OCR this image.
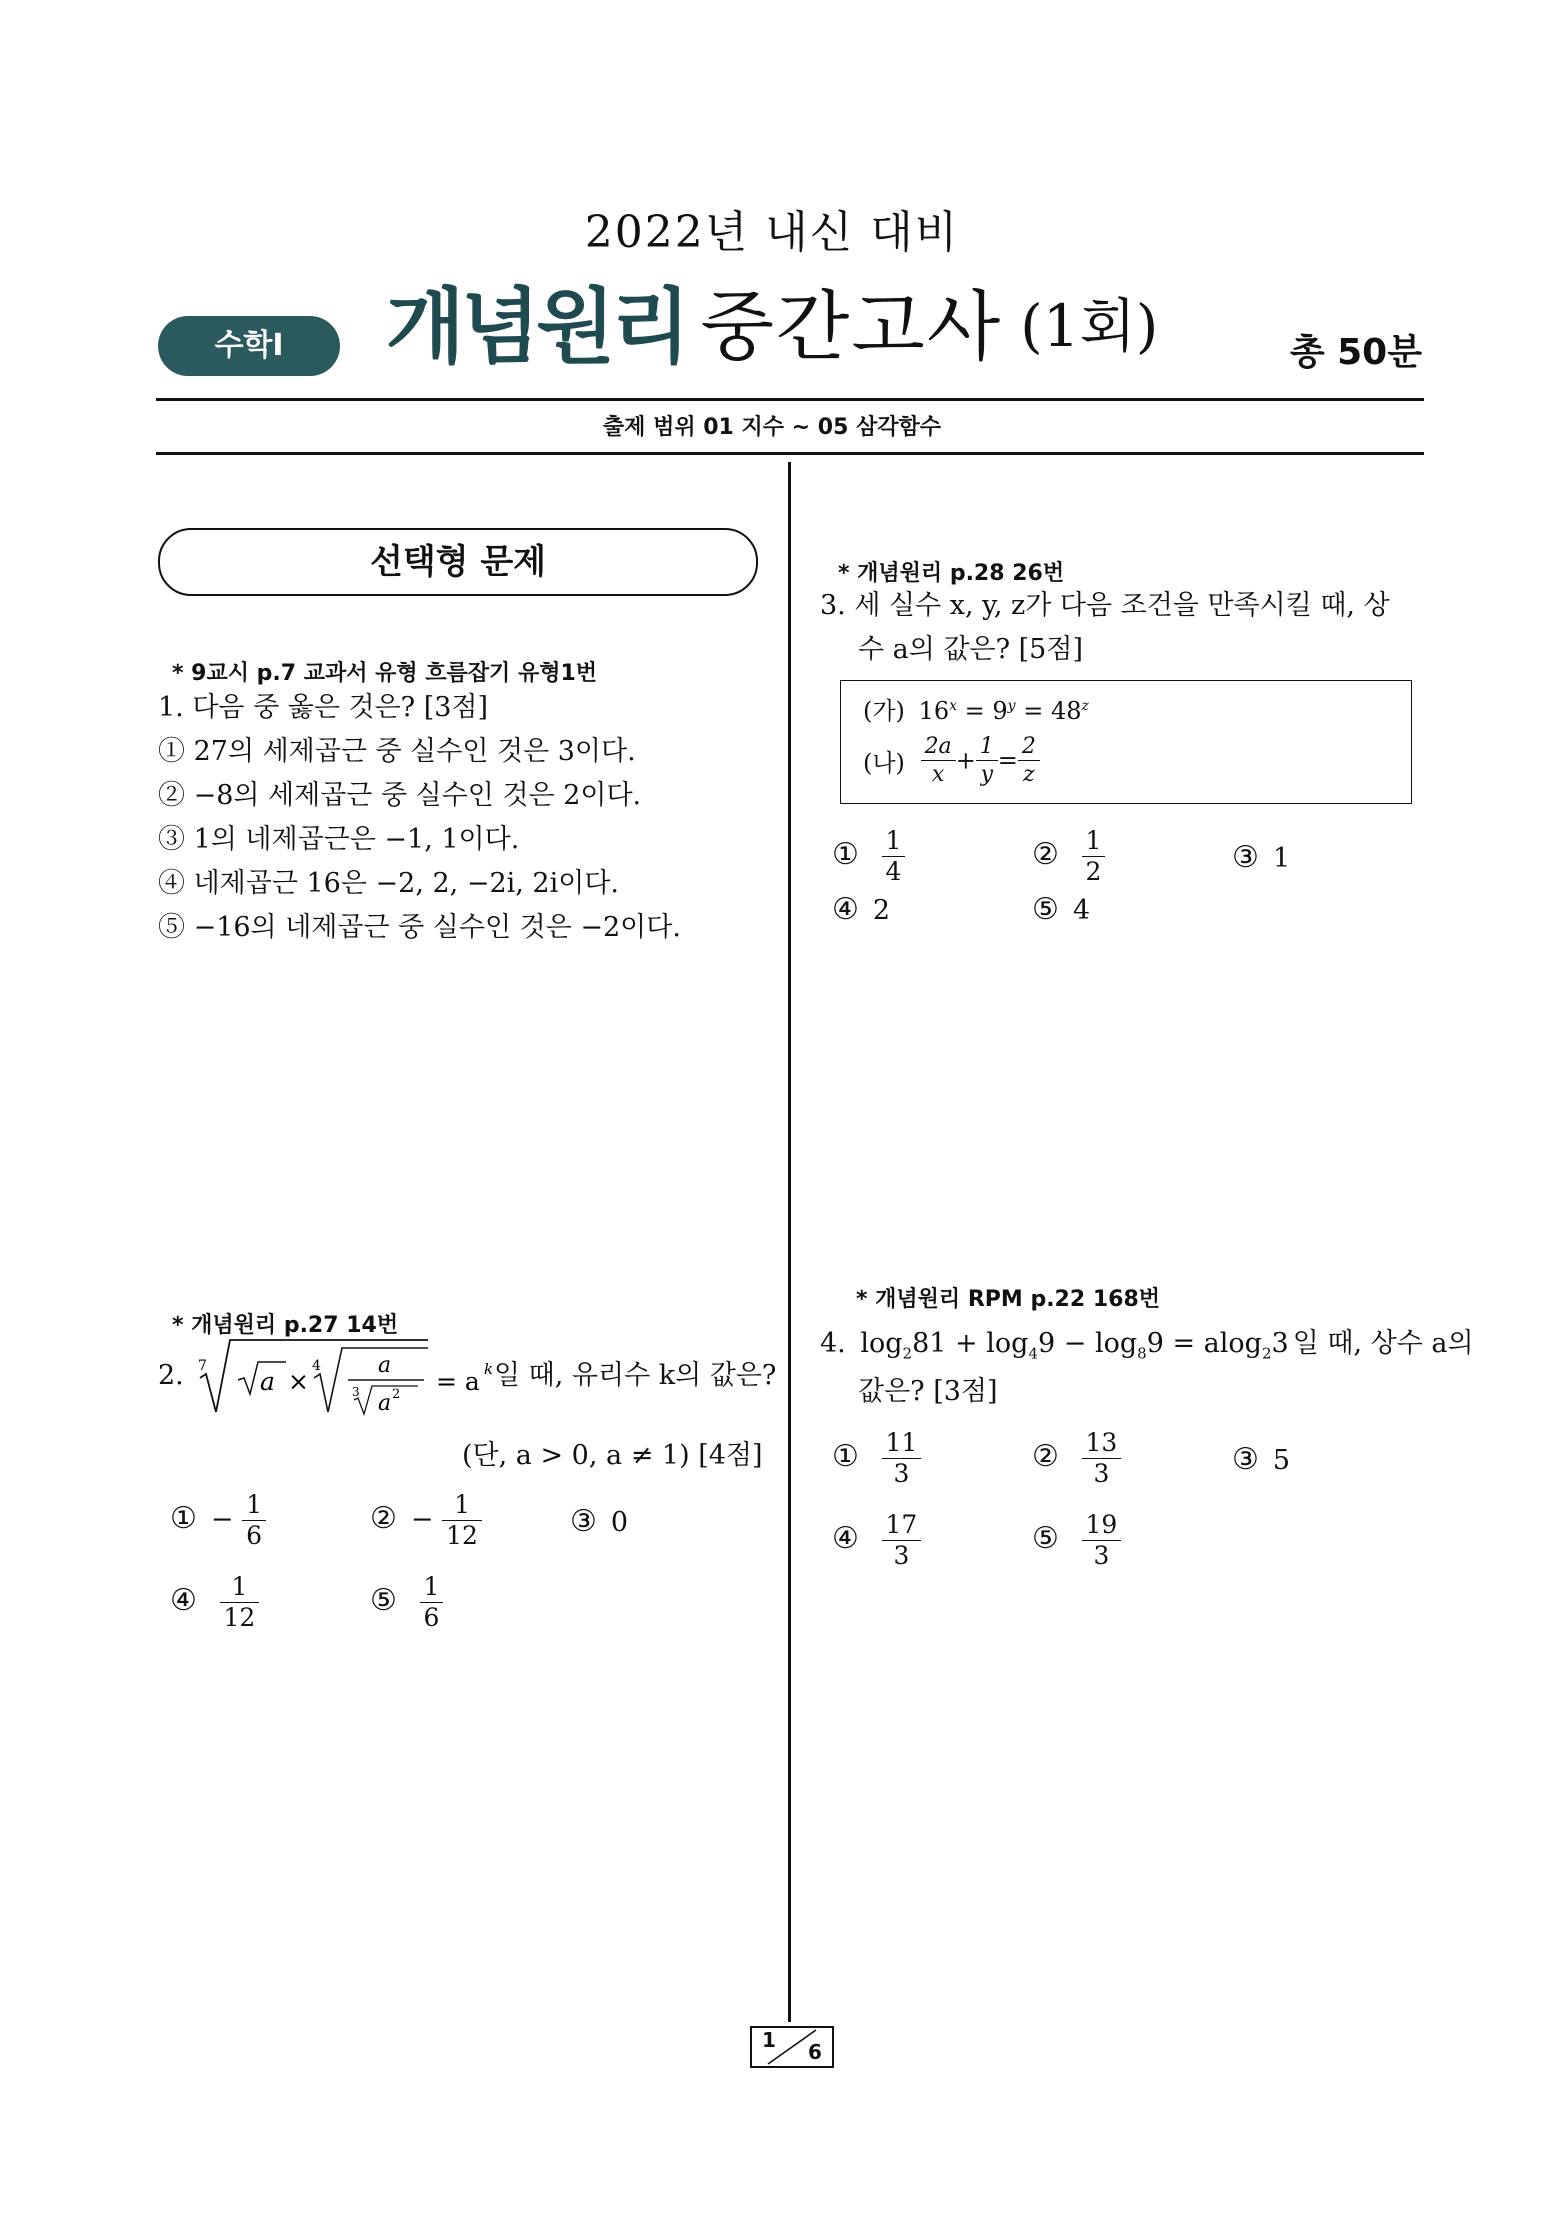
2022년 내신 대비
개념원리 중간고사 (1회)
수학Ⅰ	총 50분
출제 범위 01 지수 ~ 05 삼각함수
선택형 문제
* 9교시 p.7 교과서 유형 흐름잡기 유형1번
1. 다음 중 옳은 것은? [3점]
① 27의 세제곱근 중 실수인 것은 3이다.
② −8의 세제곱근 중 실수인 것은 2이다.
③ 1의 네제곱근은 −1, 1이다.
④ 네제곱근 16은 −2, 2, −2i, 2i이다.
⑤ −16의 네제곱근 중 실수인 것은 −2이다.
* 개념원리 p.27 14번
2. 7
a ×
4	a
3 a 2 = a k 일 때, 유리수 k의 값은?
(단, a > 0, a ≠ 1) [4점]
① − $\frac{1}{6}$	② − $\frac{1}{12}$	③ 0
④ $\frac{1}{12}$	⑤ $\frac{1}{6}$
* 개념원리 p.28 26번
3. 세 실수 x, y, z가 다음 조건을 만족시킬 때, 상
수 a의 값은? [5점]
(가) $16^x = 9^y = 48^z$
(나) $\frac{2a}{x} + \frac{1}{y} = \frac{2}{z}$
① $\frac{1}{4}$	② $\frac{1}{2}$	③ 1
④ 2	⑤ 4
* 개념원리 RPM p.22 168번
4. $\log_281 + \log_49 - \log_89 = alog_23$ 일 때, 상수 a의
값은? [3점]
① $\frac{11}{3}$	② $\frac{13}{3}$	③ 5
④ $\frac{17}{3}$	⑤ $\frac{19}{3}$
1 6
